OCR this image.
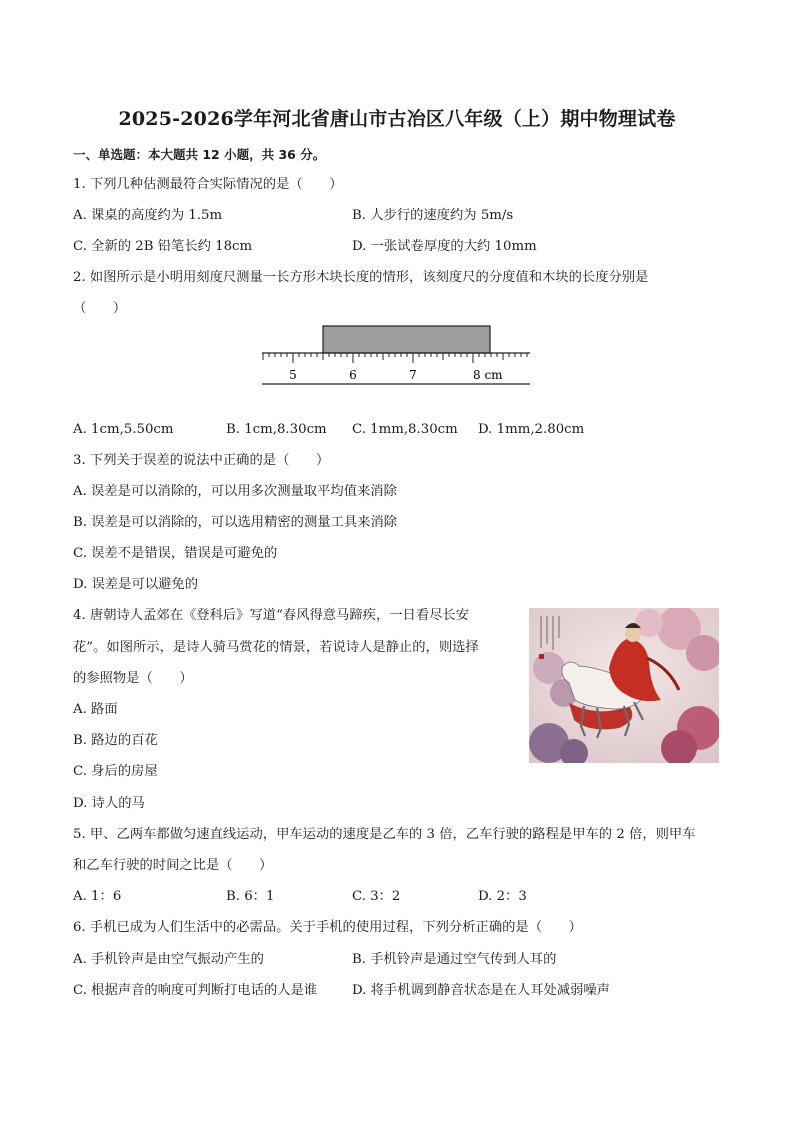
2025-2026学年河北省唐山市古冶区八年级（上）期中物理试卷
一、单选题：本大题共 12 小题，共 36 分。
1. 下列几种估测最符合实际情况的是（　　）
A. 课桌的高度约为 1.5m	B. 人步行的速度约为 5m/s
C. 全新的 2B 铅笔长约 18cm	D. 一张试卷厚度的大约 10mm
2. 如图所示是小明用刻度尺测量一长方形木块长度的情形，该刻度尺的分度值和木块的长度分别是
（　　）
5	6	7	8 cm
A. 1cm,5.50cm	B. 1cm,8.30cm C. 1mm,8.30cm D. 1mm,2.80cm
3. 下列关于误差的说法中正确的是（　　）
A. 误差是可以消除的，可以用多次测量取平均值来消除
B. 误差是可以消除的，可以选用精密的测量工具来消除
C. 误差不是错误，错误是可避免的
D. 误差是可以避免的
4. 唐朝诗人孟郊在《登科后》写道“春风得意马蹄疾，一日看尽长安
花”。如图所示，是诗人骑马赏花的情景，若说诗人是静止的，则选择
的参照物是（　　）
A. 路面
B. 路边的百花
C. 身后的房屋
D. 诗人的马
5. 甲、乙两车都做匀速直线运动，甲车运动的速度是乙车的 3 倍，乙车行驶的路程是甲车的 2 倍，则甲车
和乙车行驶的时间之比是（　　）
A. 1：6	B. 6：1	C. 3：2	D. 2：3
6. 手机已成为人们生活中的必需品。关于手机的使用过程，下列分析正确的是（　　）
A. 手机铃声是由空气振动产生的	B. 手机铃声是通过空气传到人耳的
C. 根据声音的响度可判断打电话的人是谁	D. 将手机调到静音状态是在人耳处减弱噪声
